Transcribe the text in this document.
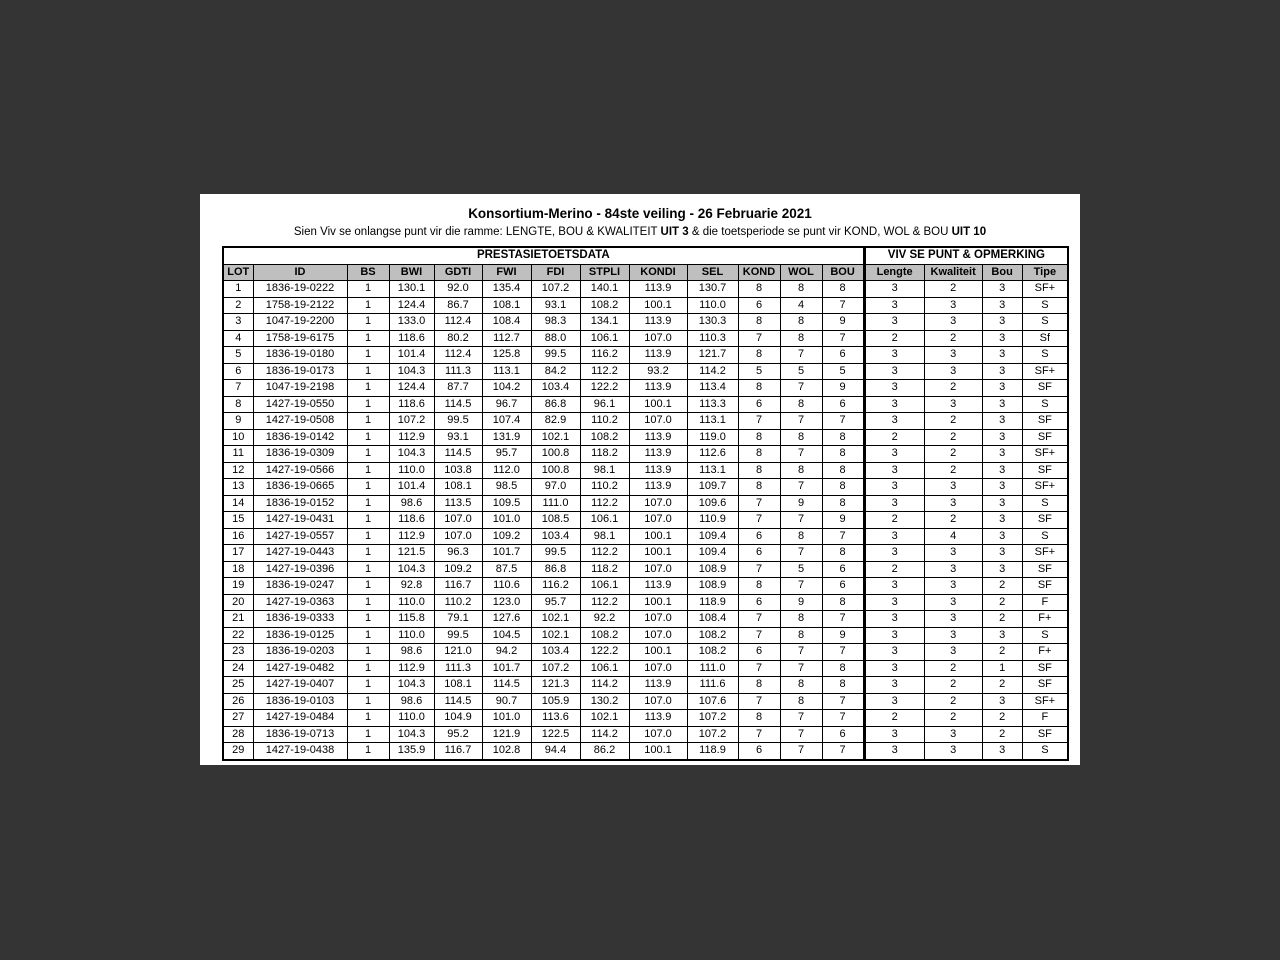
Konsortium-Merino - 84ste veiling - 26 Februarie 2021
Sien Viv se onlangse punt vir die ramme: LENGTE, BOU & KWALITEIT UIT 3 & die toetsperiode se punt vir KOND, WOL & BOU UIT 10
PRESTASIETOETSDATA													VIV SE PUNT & OPMERKING			
LOT	ID	BS	BWI	GDTI	FWI	FDI	STPLI	KONDI	SEL	KOND	WOL	BOU	Lengte	Kwaliteit	Bou	Tipe
1	1836-19-0222	1	130.1	92.0	135.4	107.2	140.1	113.9	130.7	8	8	8	3	2	3	SF+
2	1758-19-2122	1	124.4	86.7	108.1	93.1	108.2	100.1	110.0	6	4	7	3	3	3	S
3	1047-19-2200	1	133.0	112.4	108.4	98.3	134.1	113.9	130.3	8	8	9	3	3	3	S
4	1758-19-6175	1	118.6	80.2	112.7	88.0	106.1	107.0	110.3	7	8	7	2	2	3	Sf
5	1836-19-0180	1	101.4	112.4	125.8	99.5	116.2	113.9	121.7	8	7	6	3	3	3	S
6	1836-19-0173	1	104.3	111.3	113.1	84.2	112.2	93.2	114.2	5	5	5	3	3	3	SF+
7	1047-19-2198	1	124.4	87.7	104.2	103.4	122.2	113.9	113.4	8	7	9	3	2	3	SF
8	1427-19-0550	1	118.6	114.5	96.7	86.8	96.1	100.1	113.3	6	8	6	3	3	3	S
9	1427-19-0508	1	107.2	99.5	107.4	82.9	110.2	107.0	113.1	7	7	7	3	2	3	SF
10	1836-19-0142	1	112.9	93.1	131.9	102.1	108.2	113.9	119.0	8	8	8	2	2	3	SF
11	1836-19-0309	1	104.3	114.5	95.7	100.8	118.2	113.9	112.6	8	7	8	3	2	3	SF+
12	1427-19-0566	1	110.0	103.8	112.0	100.8	98.1	113.9	113.1	8	8	8	3	2	3	SF
13	1836-19-0665	1	101.4	108.1	98.5	97.0	110.2	113.9	109.7	8	7	8	3	3	3	SF+
14	1836-19-0152	1	98.6	113.5	109.5	111.0	112.2	107.0	109.6	7	9	8	3	3	3	S
15	1427-19-0431	1	118.6	107.0	101.0	108.5	106.1	107.0	110.9	7	7	9	2	2	3	SF
16	1427-19-0557	1	112.9	107.0	109.2	103.4	98.1	100.1	109.4	6	8	7	3	4	3	S
17	1427-19-0443	1	121.5	96.3	101.7	99.5	112.2	100.1	109.4	6	7	8	3	3	3	SF+
18	1427-19-0396	1	104.3	109.2	87.5	86.8	118.2	107.0	108.9	7	5	6	2	3	3	SF
19	1836-19-0247	1	92.8	116.7	110.6	116.2	106.1	113.9	108.9	8	7	6	3	3	2	SF
20	1427-19-0363	1	110.0	110.2	123.0	95.7	112.2	100.1	118.9	6	9	8	3	3	2	F
21	1836-19-0333	1	115.8	79.1	127.6	102.1	92.2	107.0	108.4	7	8	7	3	3	2	F+
22	1836-19-0125	1	110.0	99.5	104.5	102.1	108.2	107.0	108.2	7	8	9	3	3	3	S
23	1836-19-0203	1	98.6	121.0	94.2	103.4	122.2	100.1	108.2	6	7	7	3	3	2	F+
24	1427-19-0482	1	112.9	111.3	101.7	107.2	106.1	107.0	111.0	7	7	8	3	2	1	SF
25	1427-19-0407	1	104.3	108.1	114.5	121.3	114.2	113.9	111.6	8	8	8	3	2	2	SF
26	1836-19-0103	1	98.6	114.5	90.7	105.9	130.2	107.0	107.6	7	8	7	3	2	3	SF+
27	1427-19-0484	1	110.0	104.9	101.0	113.6	102.1	113.9	107.2	8	7	7	2	2	2	F
28	1836-19-0713	1	104.3	95.2	121.9	122.5	114.2	107.0	107.2	7	7	6	3	3	2	SF
29	1427-19-0438	1	135.9	116.7	102.8	94.4	86.2	100.1	118.9	6	7	7	3	3	3	S
